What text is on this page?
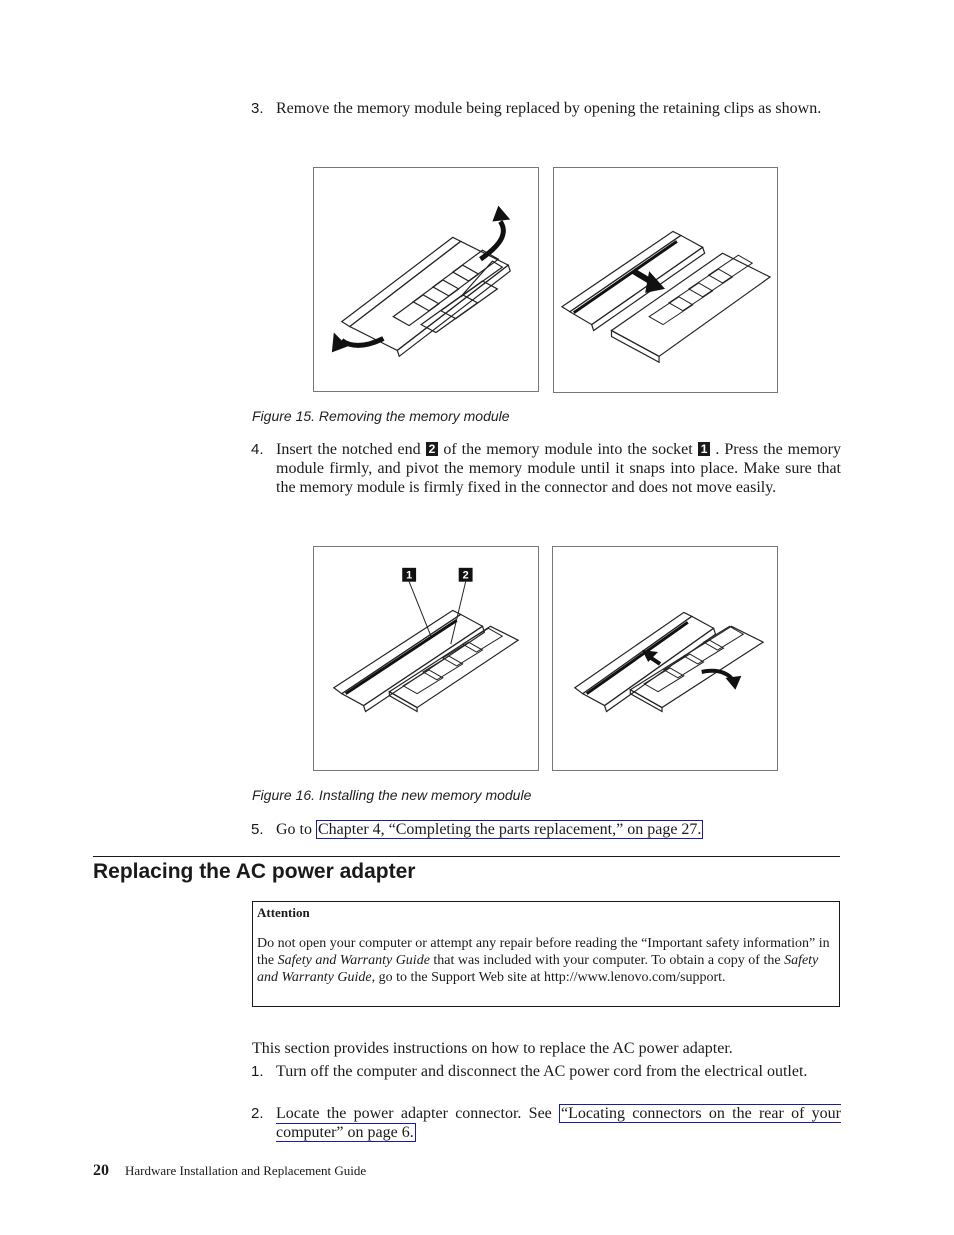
3. Remove the memory module being replaced by opening the retaining clips as shown.
Figure 15. Removing the memory module
4. Insert the notched end 2 of the memory module into the socket 1 . Press the memory module firmly, and pivot the memory module until it snaps into place. Make sure that the memory module is firmly fixed in the connector and does not move easily.
1	2
Figure 16. Installing the new memory module
5. Go to Chapter 4, “Completing the parts replacement,” on page 27.
Replacing the AC power adapter
Attention
Do not open your computer or attempt any repair before reading the “Important safety information” in the Safety and Warranty Guide that was included with your computer. To obtain a copy of the Safety and Warranty Guide, go to the Support Web site at http://www.lenovo.com/support.
This section provides instructions on how to replace the AC power adapter.
1. Turn off the computer and disconnect the AC power cord from the electrical outlet.
2. Locate the power adapter connector. See “Locating connectors on the rear of your computer” on page 6.
20 Hardware Installation and Replacement Guide
